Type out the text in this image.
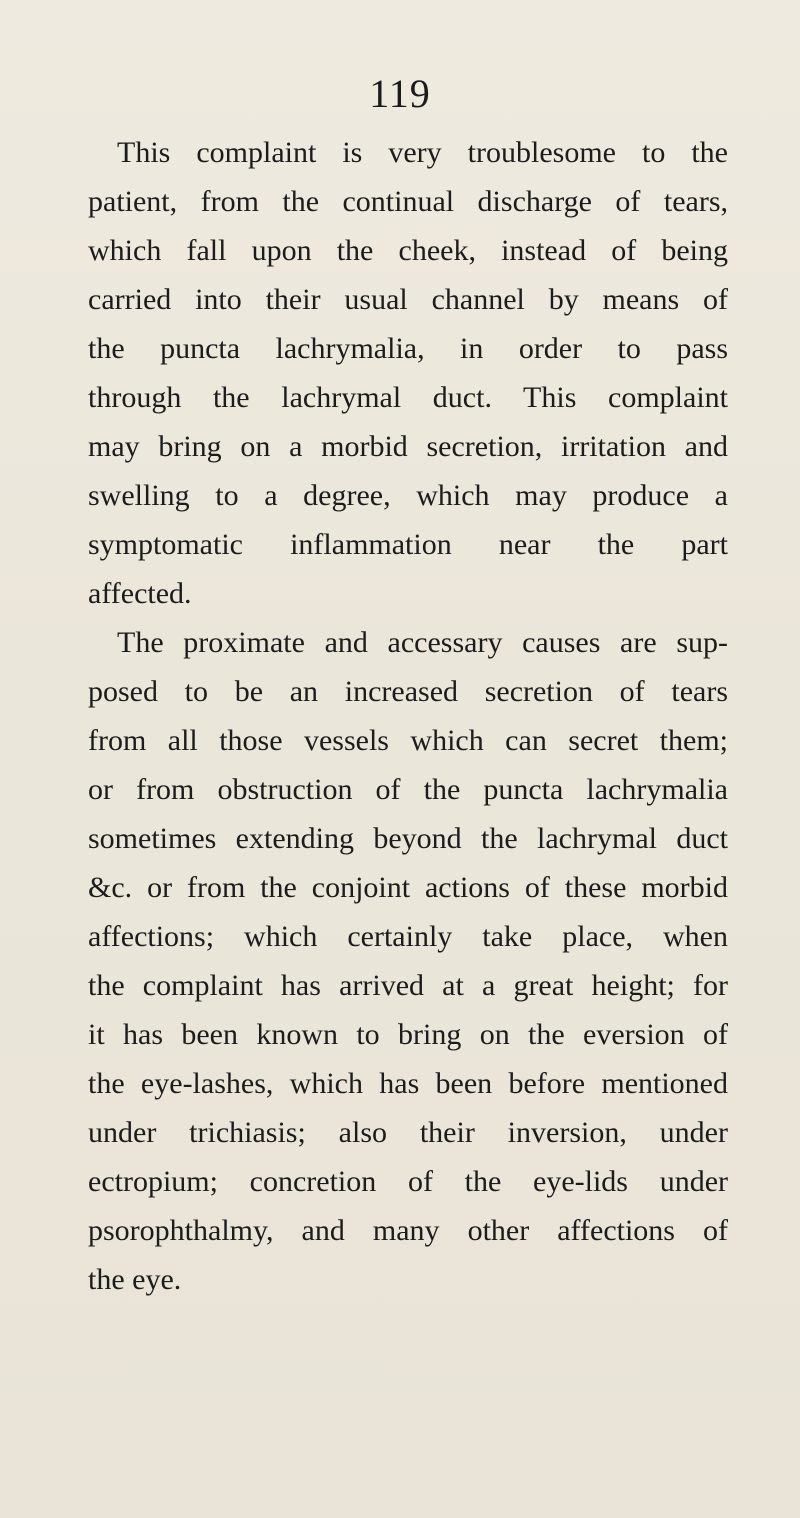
119
This complaint is very troublesome to the
patient, from the continual discharge of tears,
which fall upon the cheek, instead of being
carried into their usual channel by means of
the puncta lachrymalia, in order to pass
through the lachrymal duct. This complaint
may bring on a morbid secretion, irritation and
swelling to a degree, which may produce a
symptomatic inflammation near the part
affected.
The proximate and accessary causes are sup-
posed to be an increased secretion of tears
from all those vessels which can secret them;
or from obstruction of the puncta lachrymalia
sometimes extending beyond the lachrymal duct
&c. or from the conjoint actions of these morbid
affections; which certainly take place, when
the complaint has arrived at a great height; for
it has been known to bring on the eversion of
the eye-lashes, which has been before mentioned
under trichiasis; also their inversion, under
ectropium; concretion of the eye-lids under
psorophthalmy, and many other affections of
the eye.
